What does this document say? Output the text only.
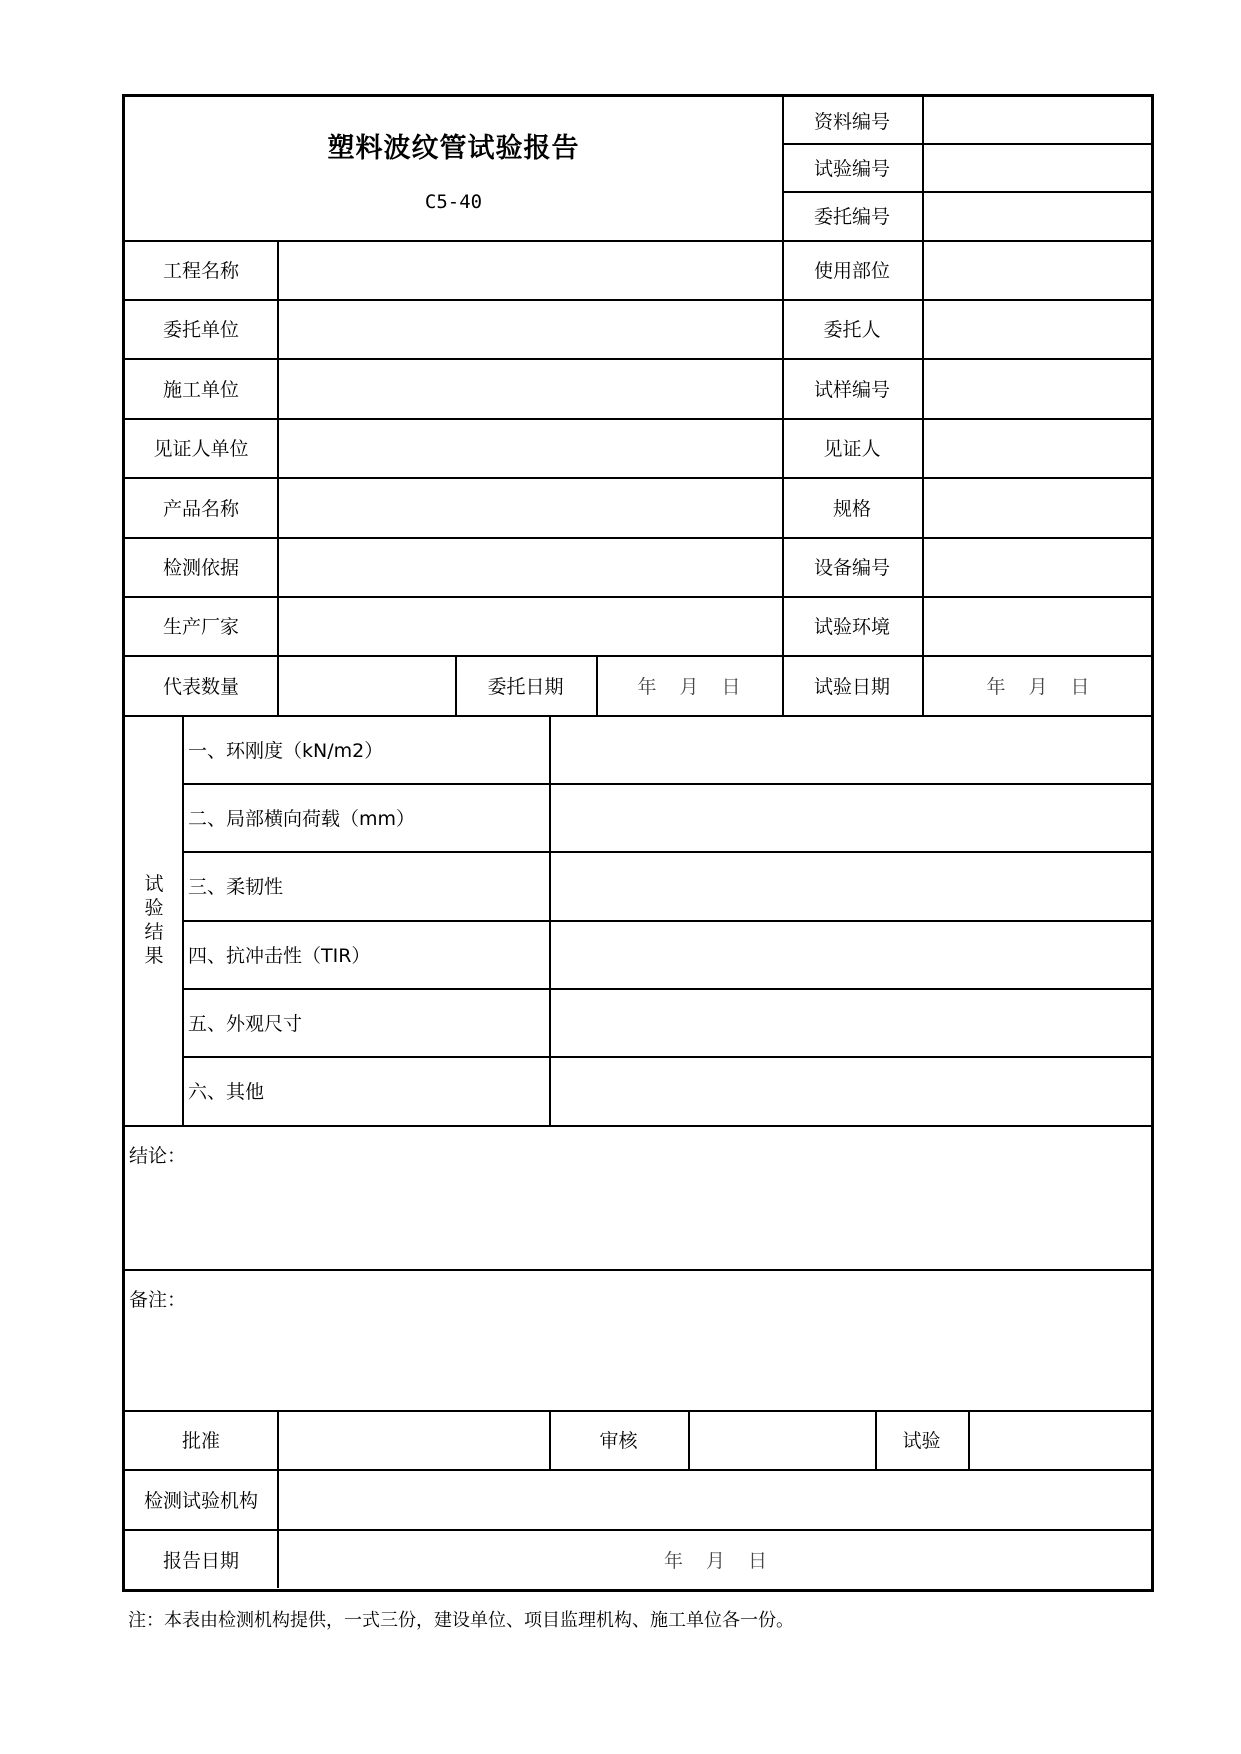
塑料波纹管试验报告
C5-40
资料编号
试验编号
委托编号
工程名称	使用部位
委托单位	委托人
施工单位	试样编号
见证人单位	见证人
产品名称	规格
检测依据	设备编号
生产厂家	试验环境
代表数量	委托日期	年　月　日	试验日期	年　月　日
试
验
结
果
一、环刚度（kN/m2）
二、局部横向荷载（mm）
三、柔韧性
四、抗冲击性（TIR）
五、外观尺寸
六、其他
结论：
备注：
批准	审核	试验
检测试验机构
报告日期	年　月　日
注：本表由检测机构提供，一式三份，建设单位、项目监理机构、施工单位各一份。
